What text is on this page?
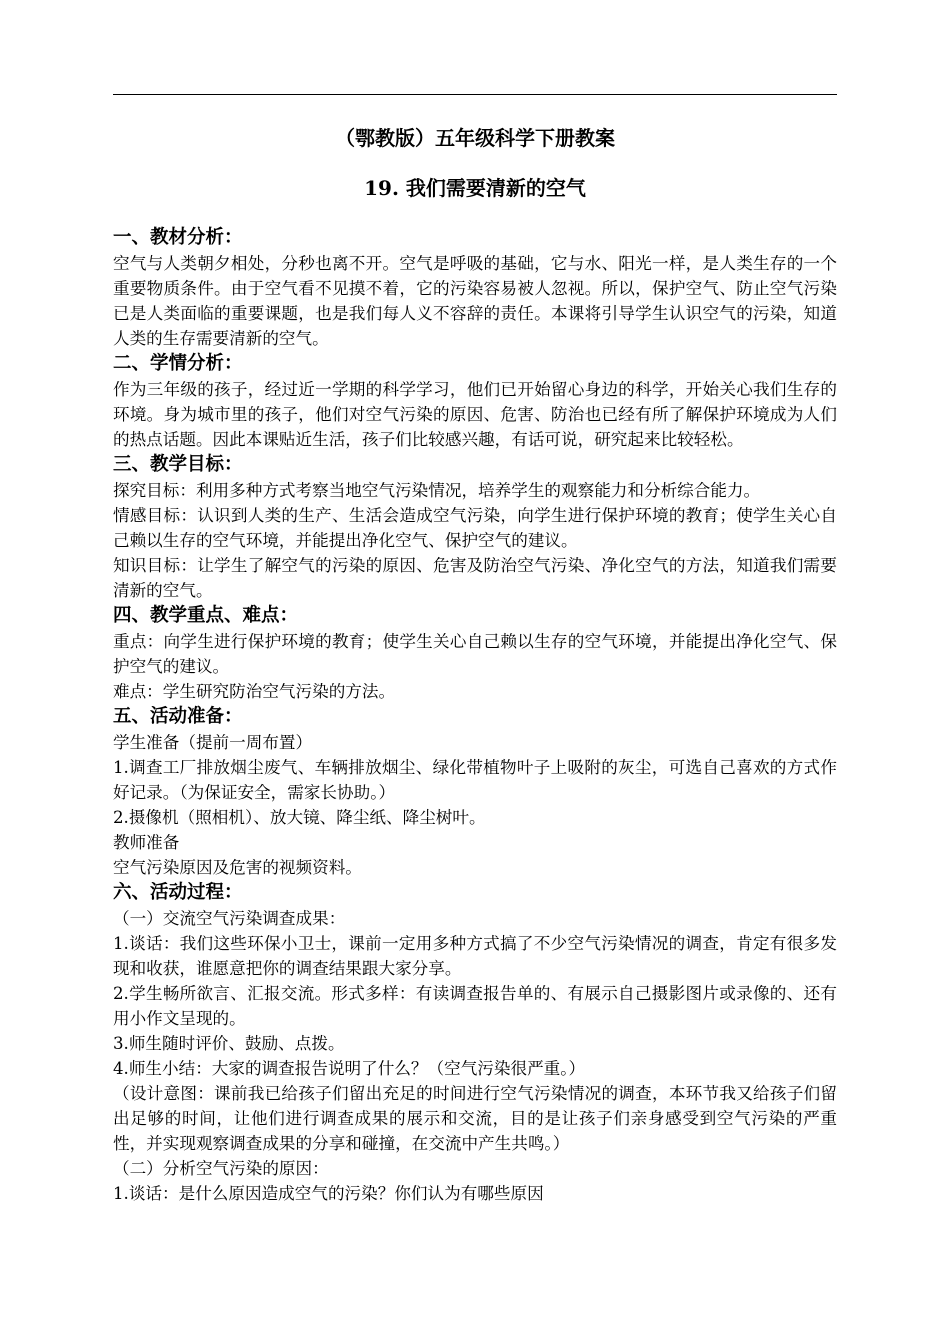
（鄂教版）五年级科学下册教案
19. 我们需要清新的空气
一、教材分析：
空气与人类朝夕相处，分秒也离不开。空气是呼吸的基础，它与水、阳光一样，是人类生存的一个重要物质条件。由于空气看不见摸不着，它的污染容易被人忽视。所以，保护空气、防止空气污染已是人类面临的重要课题，也是我们每人义不容辞的责任。本课将引导学生认识空气的污染，知道人类的生存需要清新的空气。
二、学情分析：
作为三年级的孩子，经过近一学期的科学学习，他们已开始留心身边的科学，开始关心我们生存的环境。身为城市里的孩子，他们对空气污染的原因、危害、防治也已经有所了解保护环境成为人们的热点话题。因此本课贴近生活，孩子们比较感兴趣，有话可说，研究起来比较轻松。
三、教学目标：
探究目标：利用多种方式考察当地空气污染情况，培养学生的观察能力和分析综合能力。
情感目标：认识到人类的生产、生活会造成空气污染，向学生进行保护环境的教育；使学生关心自己赖以生存的空气环境，并能提出净化空气、保护空气的建议。
知识目标：让学生了解空气的污染的原因、危害及防治空气污染、净化空气的方法，知道我们需要清新的空气。
四、教学重点、难点：
重点：向学生进行保护环境的教育；使学生关心自己赖以生存的空气环境，并能提出净化空气、保护空气的建议。
难点：学生研究防治空气污染的方法。
五、活动准备：
学生准备（提前一周布置）
1.调查工厂排放烟尘废气、车辆排放烟尘、绿化带植物叶子上吸附的灰尘，可选自己喜欢的方式作好记录。（为保证安全，需家长协助。）
2.摄像机（照相机）、放大镜、降尘纸、降尘树叶。
教师准备
空气污染原因及危害的视频资料。
六、活动过程：
（一）交流空气污染调查成果：
1.谈话：我们这些环保小卫士，课前一定用多种方式搞了不少空气污染情况的调查，肯定有很多发现和收获，谁愿意把你的调查结果跟大家分享。
2.学生畅所欲言、汇报交流。形式多样：有读调查报告单的、有展示自己摄影图片或录像的、还有用小作文呈现的。
3.师生随时评价、鼓励、点拨。
4.师生小结：大家的调查报告说明了什么？（空气污染很严重。）
（设计意图：课前我已给孩子们留出充足的时间进行空气污染情况的调查，本环节我又给孩子们留出足够的时间，让他们进行调查成果的展示和交流，目的是让孩子们亲身感受到空气污染的严重性，并实现观察调查成果的分享和碰撞，在交流中产生共鸣。）
（二）分析空气污染的原因：
1.谈话：是什么原因造成空气的污染？你们认为有哪些原因
